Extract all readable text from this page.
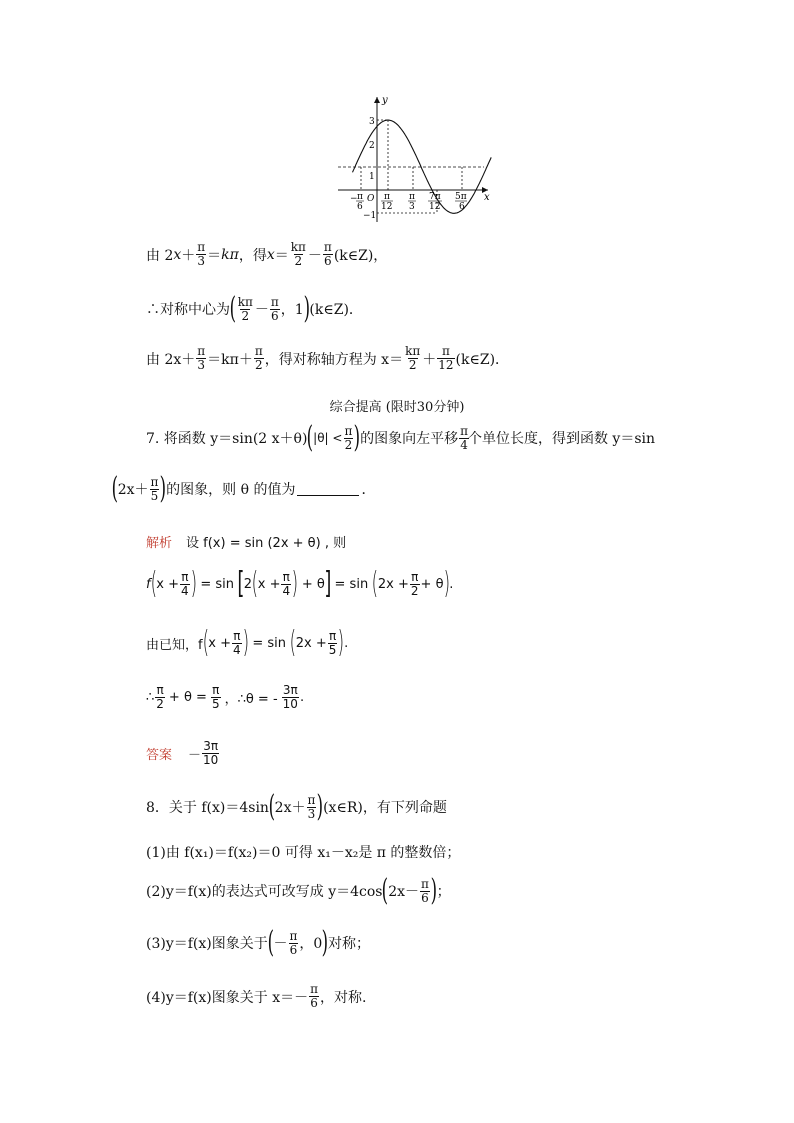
y
x
O
3
2
1
−1
− π
6
π
12
π
3
7π
12
5π
6
由 2 $x + \frac{\pi}{3} = k\pi$ ，得 $x = \frac{k\pi}{2} - \frac{\pi}{6}$ (k∈Z)，
∴对称中心为 ( $\frac{k\pi}{2} - \frac{\pi}{6}$ ，1 ) (k∈Z)．
由 $2x+ \frac{\pi}{3} =k\pi+ \frac{\pi}{2}$ ，得对称轴方程为 $x= \frac{k\pi}{2} + \frac{\pi}{12}$ (k∈Z)．
综合提高 (限时30分钟)
7. 将函数 y＝sin(2 x＋θ) ( $|\theta| < \frac{\pi}{2}$ ) 的图象向左平移 $\frac{\pi}{4}$ 个单位长度，得到函数 y＝sin
( $2x+ \frac{\pi}{5}$ ) 的图象，则 θ 的值为	．
解析 设 f(x) = sin (2x + θ) , 则
f ( $x + \frac{\pi}{4}$ ) = sin [ 2 ( $x + \frac{\pi}{4}$ ) + θ ] = sin ( $2x + \frac{\pi}{2} + \theta$ ) .
由已知，f ( $x + \frac{\pi}{4}$ ) = sin ( $2x + \frac{\pi}{5}$ ) .
∴ $\frac{\pi}{2} + \theta = \frac{\pi}{5}$ ，∴θ = - $\frac{3\pi}{10}$ .
答案 － $\frac{3\pi}{10}$
8．关于 f(x)＝4sin ( $2x+ \frac{\pi}{3}$ ) (x∈R)，有下列命题
(1)由 f(x₁)＝f(x₂)＝0 可得 x₁－x₂是 π 的整数倍；
(2)y＝f(x)的表达式可改写成 y＝4cos ( $2x- \frac{\pi}{6}$ ) ；
(3)y＝f(x)图象关于 ( － $\frac{\pi}{6}$ ，0 ) 对称；
(4)y＝f(x)图象关于 $x=- \frac{\pi}{6}$ ，对称.
